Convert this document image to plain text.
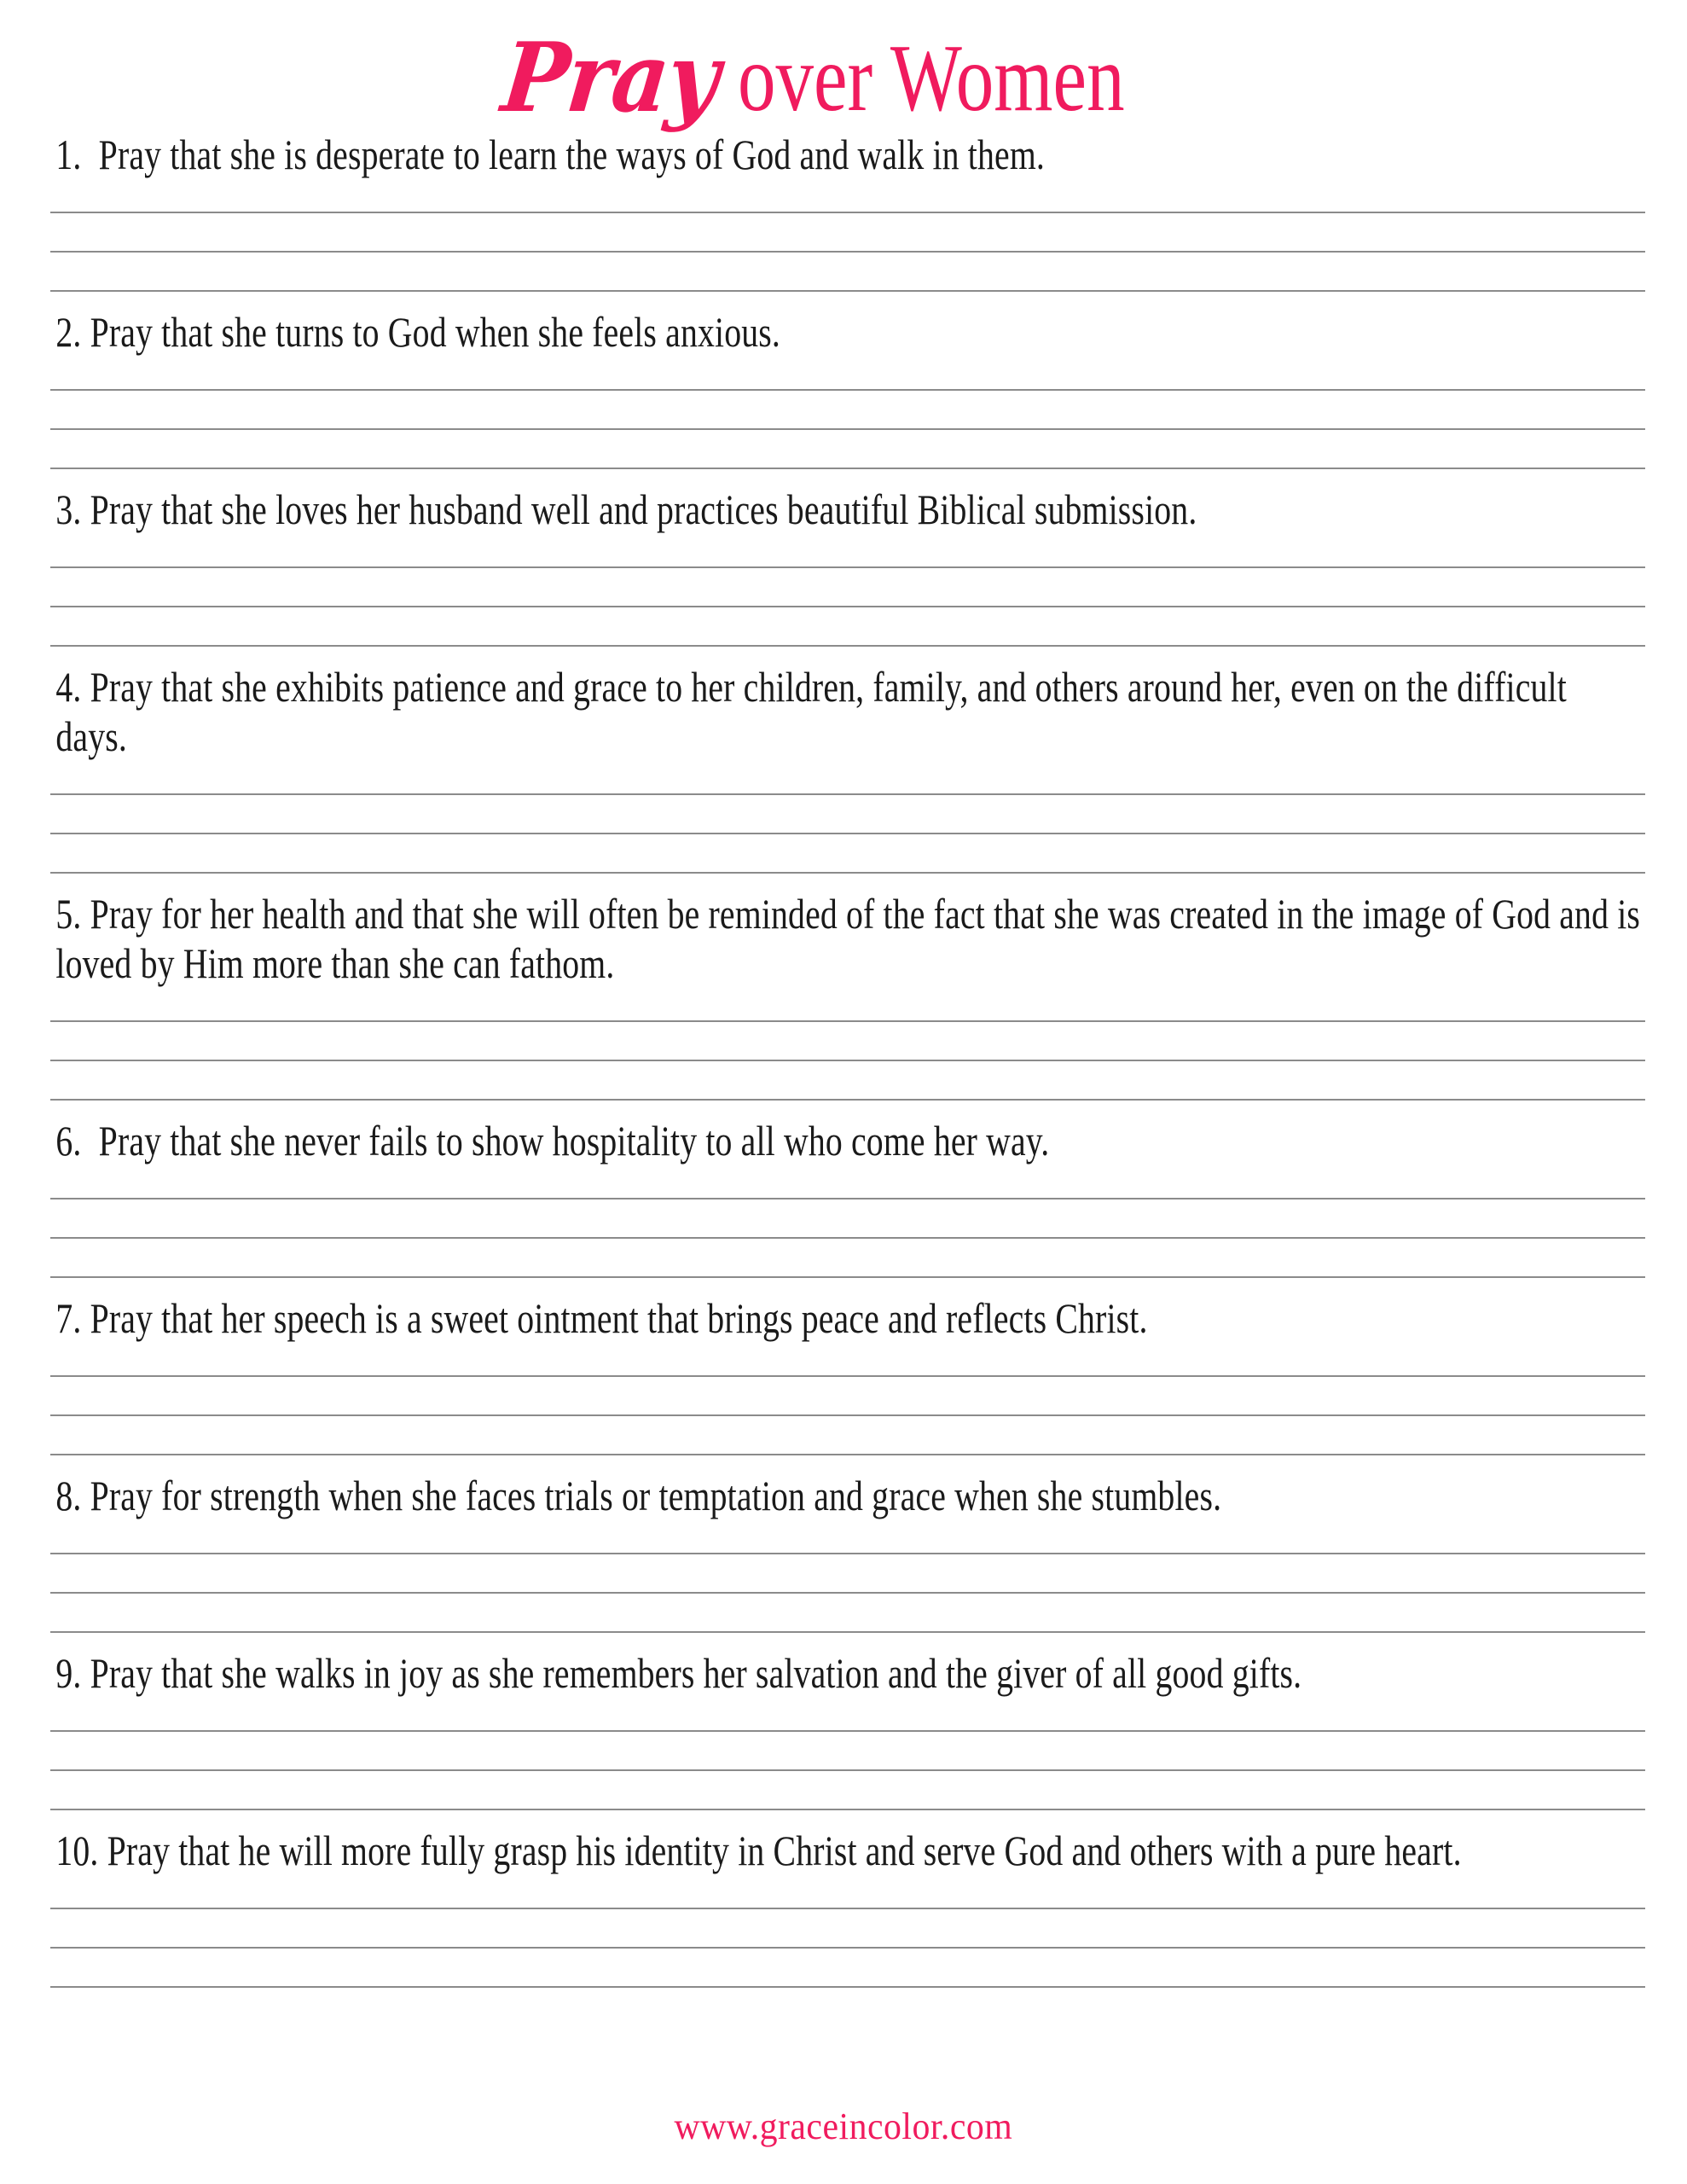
Pray over Women
1.  Pray that she is desperate to learn the ways of God and walk in them.
2. Pray that she turns to God when she feels anxious.
3. Pray that she loves her husband well and practices beautiful Biblical submission.
4. Pray that she exhibits patience and grace to her children, family, and others around her, even on the difficult days.
5. Pray for her health and that she will often be reminded of the fact that she was created in the image of God and is loved by Him more than she can fathom.
6.  Pray that she never fails to show hospitality to all who come her way.
7. Pray that her speech is a sweet ointment that brings peace and reflects Christ.
8. Pray for strength when she faces trials or temptation and grace when she stumbles.
9. Pray that she walks in joy as she remembers her salvation and the giver of all good gifts.
10. Pray that he will more fully grasp his identity in Christ and serve God and others with a pure heart.
www.graceincolor.com
